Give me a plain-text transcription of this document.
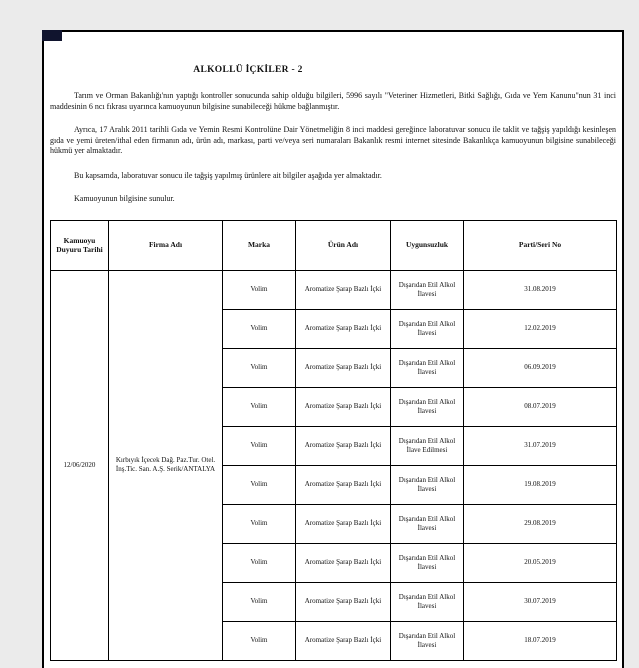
ALKOLLÜ İÇKİLER - 2

Tarım ve Orman Bakanlığı'nın yaptığı kontroller sonucunda sahip olduğu bilgileri, 5996 sayılı "Veteriner Hizmetleri, Bitki Sağlığı, Gıda ve Yem Kanunu"nun 31 inci maddesinin 6 ncı fıkrası uyarınca kamuoyunun bilgisine sunabileceği hükme bağlanmıştır.

Ayrıca, 17 Aralık 2011 tarihli Gıda ve Yemin Resmi Kontrolüne Dair Yönetmeliğin 8 inci maddesi gereğince laboratuvar sonucu ile taklit ve tağşiş yapıldığı kesinleşen gıda ve yemi üreten/ithal eden firmanın adı, ürün adı, markası, parti ve/veya seri numaraları Bakanlık resmi internet sitesinde Bakanlıkça kamuoyunun bilgisine sunabileceği hükmü yer almaktadır.

Bu kapsamda, laboratuvar sonucu ile tağşiş yapılmış ürünlere ait bilgiler aşağıda yer almaktadır.

Kamuoyunun bilgisine sunulur.

Kamuoyu Duyuru Tarihi	Firma Adı	Marka	Ürün Adı	Uygunsuzluk	Parti/Seri No
12/06/2020	Kırbıyık İçecek Dağ. Paz.Tur. Otel. İnş.Tic. San. A.Ş. Serik/ANTALYA	Volim	Aromatize Şarap Bazlı İçki	Dışarıdan Etil Alkol İlavesi	31.08.2019
		Volim	Aromatize Şarap Bazlı İçki	Dışarıdan Etil Alkol İlavesi	12.02.2019
		Volim	Aromatize Şarap Bazlı İçki	Dışarıdan Etil Alkol İlavesi	06.09.2019
		Volim	Aromatize Şarap Bazlı İçki	Dışarıdan Etil Alkol İlavesi	08.07.2019
		Volim	Aromatize Şarap Bazlı İçki	Dışarıdan Etil Alkol İlave Edilmesi	31.07.2019
		Volim	Aromatize Şarap Bazlı İçki	Dışarıdan Etil Alkol İlavesi	19.08.2019
		Volim	Aromatize Şarap Bazlı İçki	Dışarıdan Etil Alkol İlavesi	29.08.2019
		Volim	Aromatize Şarap Bazlı İçki	Dışarıdan Etil Alkol İlavesi	20.05.2019
		Volim	Aromatize Şarap Bazlı İçki	Dışarıdan Etil Alkol İlavesi	30.07.2019
		Volim	Aromatize Şarap Bazlı İçki	Dışarıdan Etil Alkol İlavesi	18.07.2019
